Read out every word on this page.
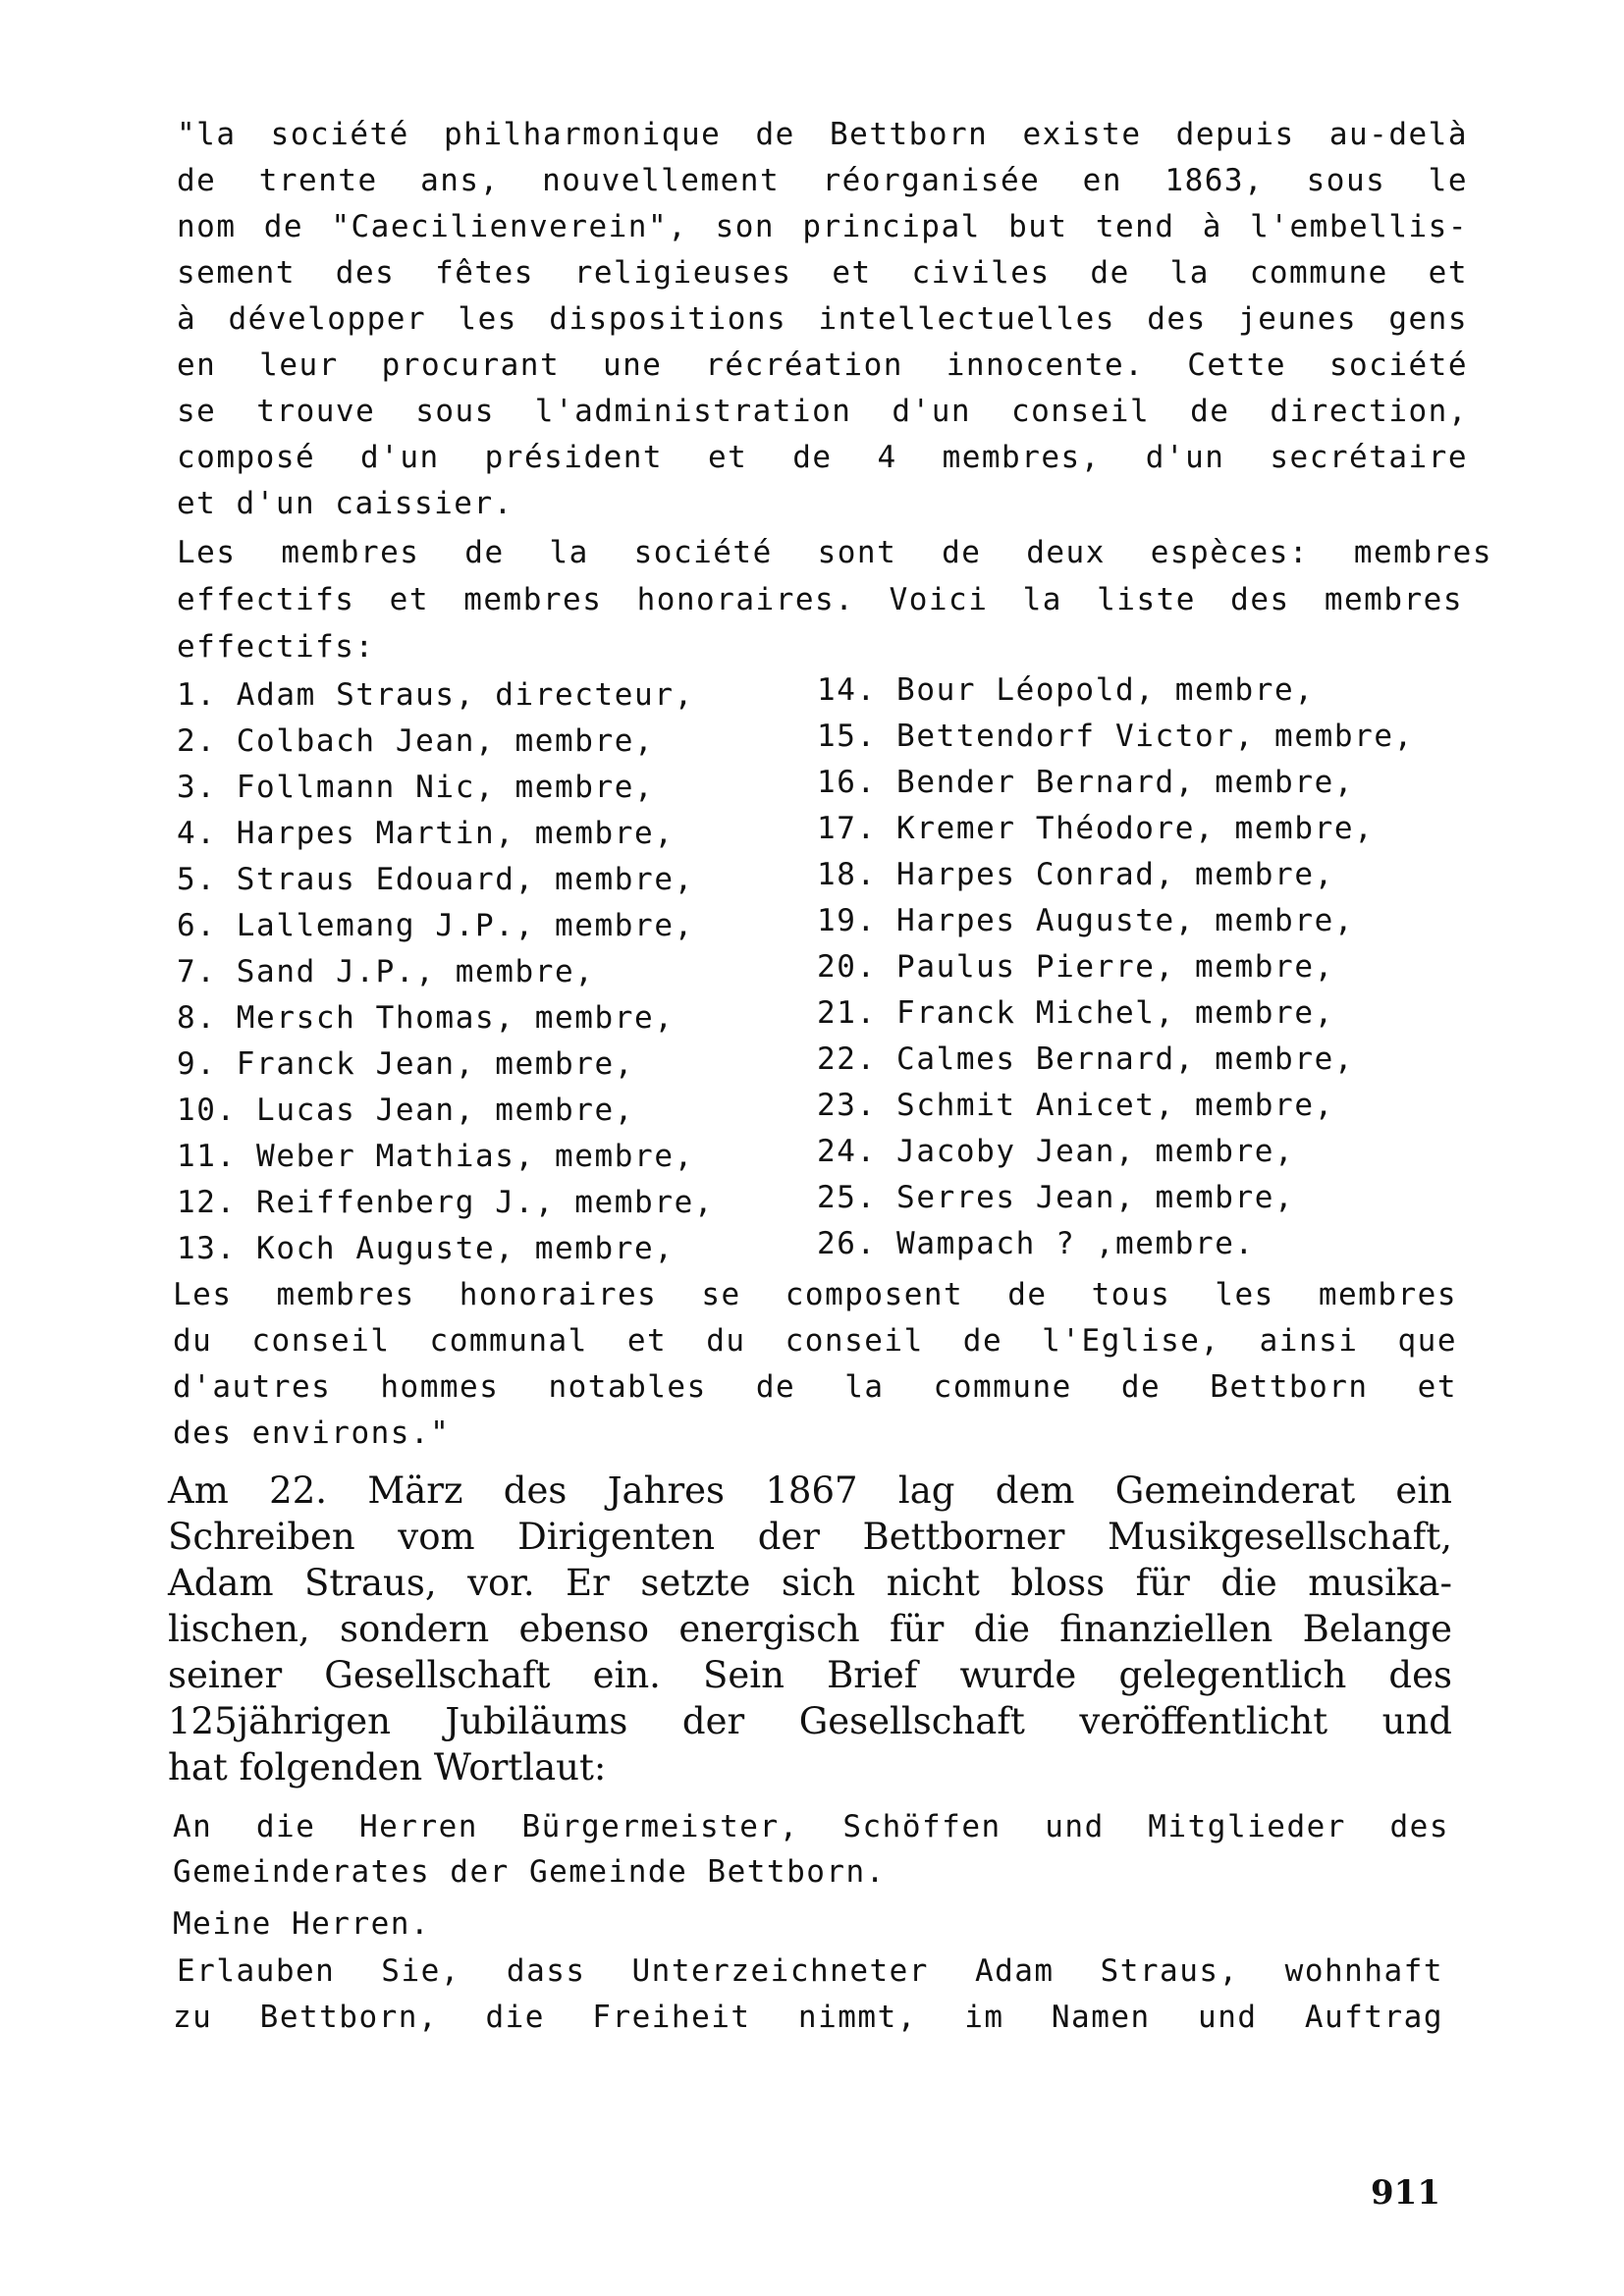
"la société philharmonique de Bettborn existe depuis au-delà
de trente ans, nouvellement réorganisée en 1863, sous le
nom de "Caecilienverein", son principal but tend à l'embellis-
sement des fêtes religieuses et civiles de la commune et
à développer les dispositions intellectuelles des jeunes gens
en leur procurant une récréation innocente. Cette société
se trouve sous l'administration d'un conseil de direction,
composé d'un président et de 4 membres, d'un secrétaire
et d'un caissier.
Les membres de la société sont de deux espèces: membres
effectifs et membres honoraires. Voici la liste des membres
effectifs:
1. Adam Straus, directeur,
2. Colbach Jean, membre,
3. Follmann Nic, membre,
4. Harpes Martin, membre,
5. Straus Edouard, membre,
6. Lallemang J.P., membre,
7. Sand J.P., membre,
8. Mersch Thomas, membre,
9. Franck Jean, membre,
10. Lucas Jean, membre,
11. Weber Mathias, membre,
12. Reiffenberg J., membre,
13. Koch Auguste, membre,
14. Bour Léopold, membre,
15. Bettendorf Victor, membre,
16. Bender Bernard, membre,
17. Kremer Théodore, membre,
18. Harpes Conrad, membre,
19. Harpes Auguste, membre,
20. Paulus Pierre, membre,
21. Franck Michel, membre,
22. Calmes Bernard, membre,
23. Schmit Anicet, membre,
24. Jacoby Jean, membre,
25. Serres Jean, membre,
26. Wampach ? ,membre.
Les membres honoraires se composent de tous les membres
du conseil communal et du conseil de l'Eglise, ainsi que
d'autres hommes notables de la commune de Bettborn et
des environs."
Am 22. März des Jahres 1867 lag dem Gemeinderat ein
Schreiben vom Dirigenten der Bettborner Musikgesellschaft,
Adam Straus, vor. Er setzte sich nicht bloss für die musika-
lischen, sondern ebenso energisch für die finanziellen Belange
seiner Gesellschaft ein. Sein Brief wurde gelegentlich des
125jährigen Jubiläums der Gesellschaft veröffentlicht und
hat folgenden Wortlaut:
An die Herren Bürgermeister, Schöffen und Mitglieder des
Gemeinderates der Gemeinde Bettborn.
Meine Herren.
Erlauben Sie, dass Unterzeichneter Adam Straus, wohnhaft
zu Bettborn, die Freiheit nimmt, im Namen und Auftrag
911
